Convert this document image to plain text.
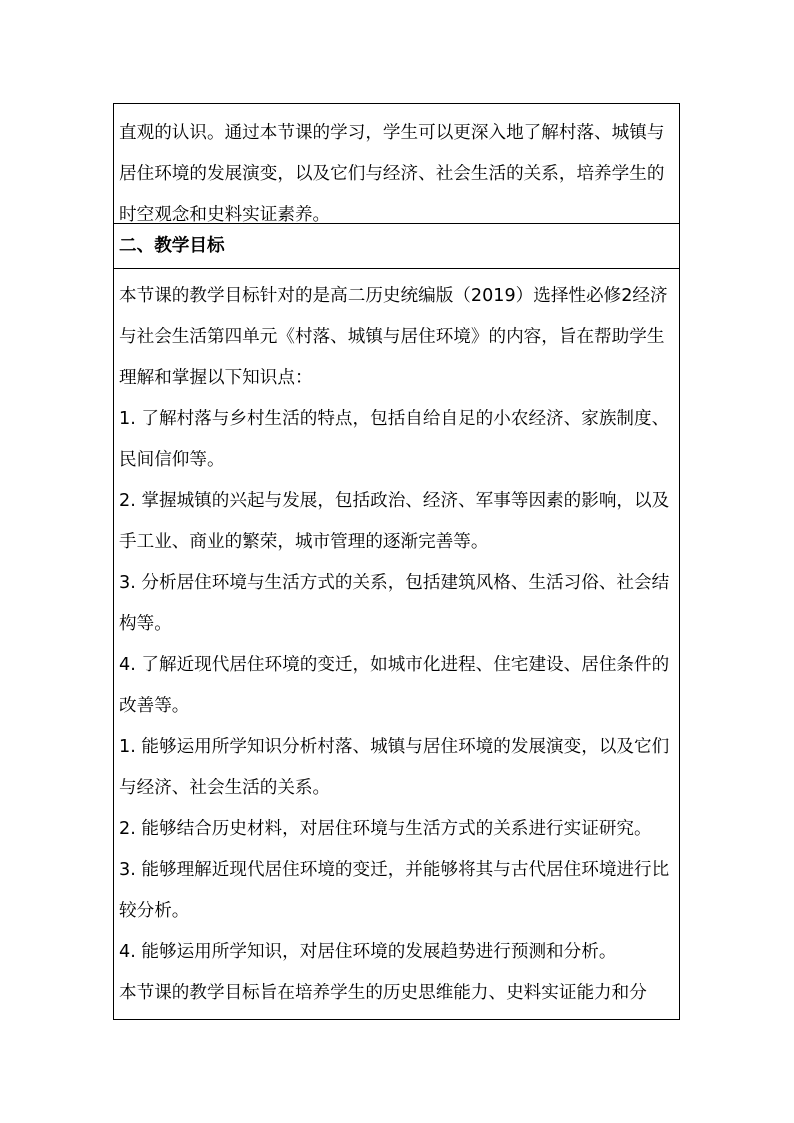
直观的认识。通过本节课的学习，学生可以更深入地了解村落、城镇与居住环境的发展演变，以及它们与经济、社会生活的关系，培养学生的时空观念和史料实证素养。

二、教学目标

本节课的教学目标针对的是高二历史统编版（2019）选择性必修2经济与社会生活第四单元《村落、城镇与居住环境》的内容，旨在帮助学生理解和掌握以下知识点：

1. 了解村落与乡村生活的特点，包括自给自足的小农经济、家族制度、民间信仰等。

2. 掌握城镇的兴起与发展，包括政治、经济、军事等因素的影响，以及手工业、商业的繁荣，城市管理的逐渐完善等。

3. 分析居住环境与生活方式的关系，包括建筑风格、生活习俗、社会结构等。

4. 了解近现代居住环境的变迁，如城市化进程、住宅建设、居住条件的改善等。

1. 能够运用所学知识分析村落、城镇与居住环境的发展演变，以及它们与经济、社会生活的关系。

2. 能够结合历史材料，对居住环境与生活方式的关系进行实证研究。

3. 能够理解近现代居住环境的变迁，并能够将其与古代居住环境进行比较分析。

4. 能够运用所学知识，对居住环境的发展趋势进行预测和分析。

本节课的教学目标旨在培养学生的历史思维能力、史料实证能力和分
